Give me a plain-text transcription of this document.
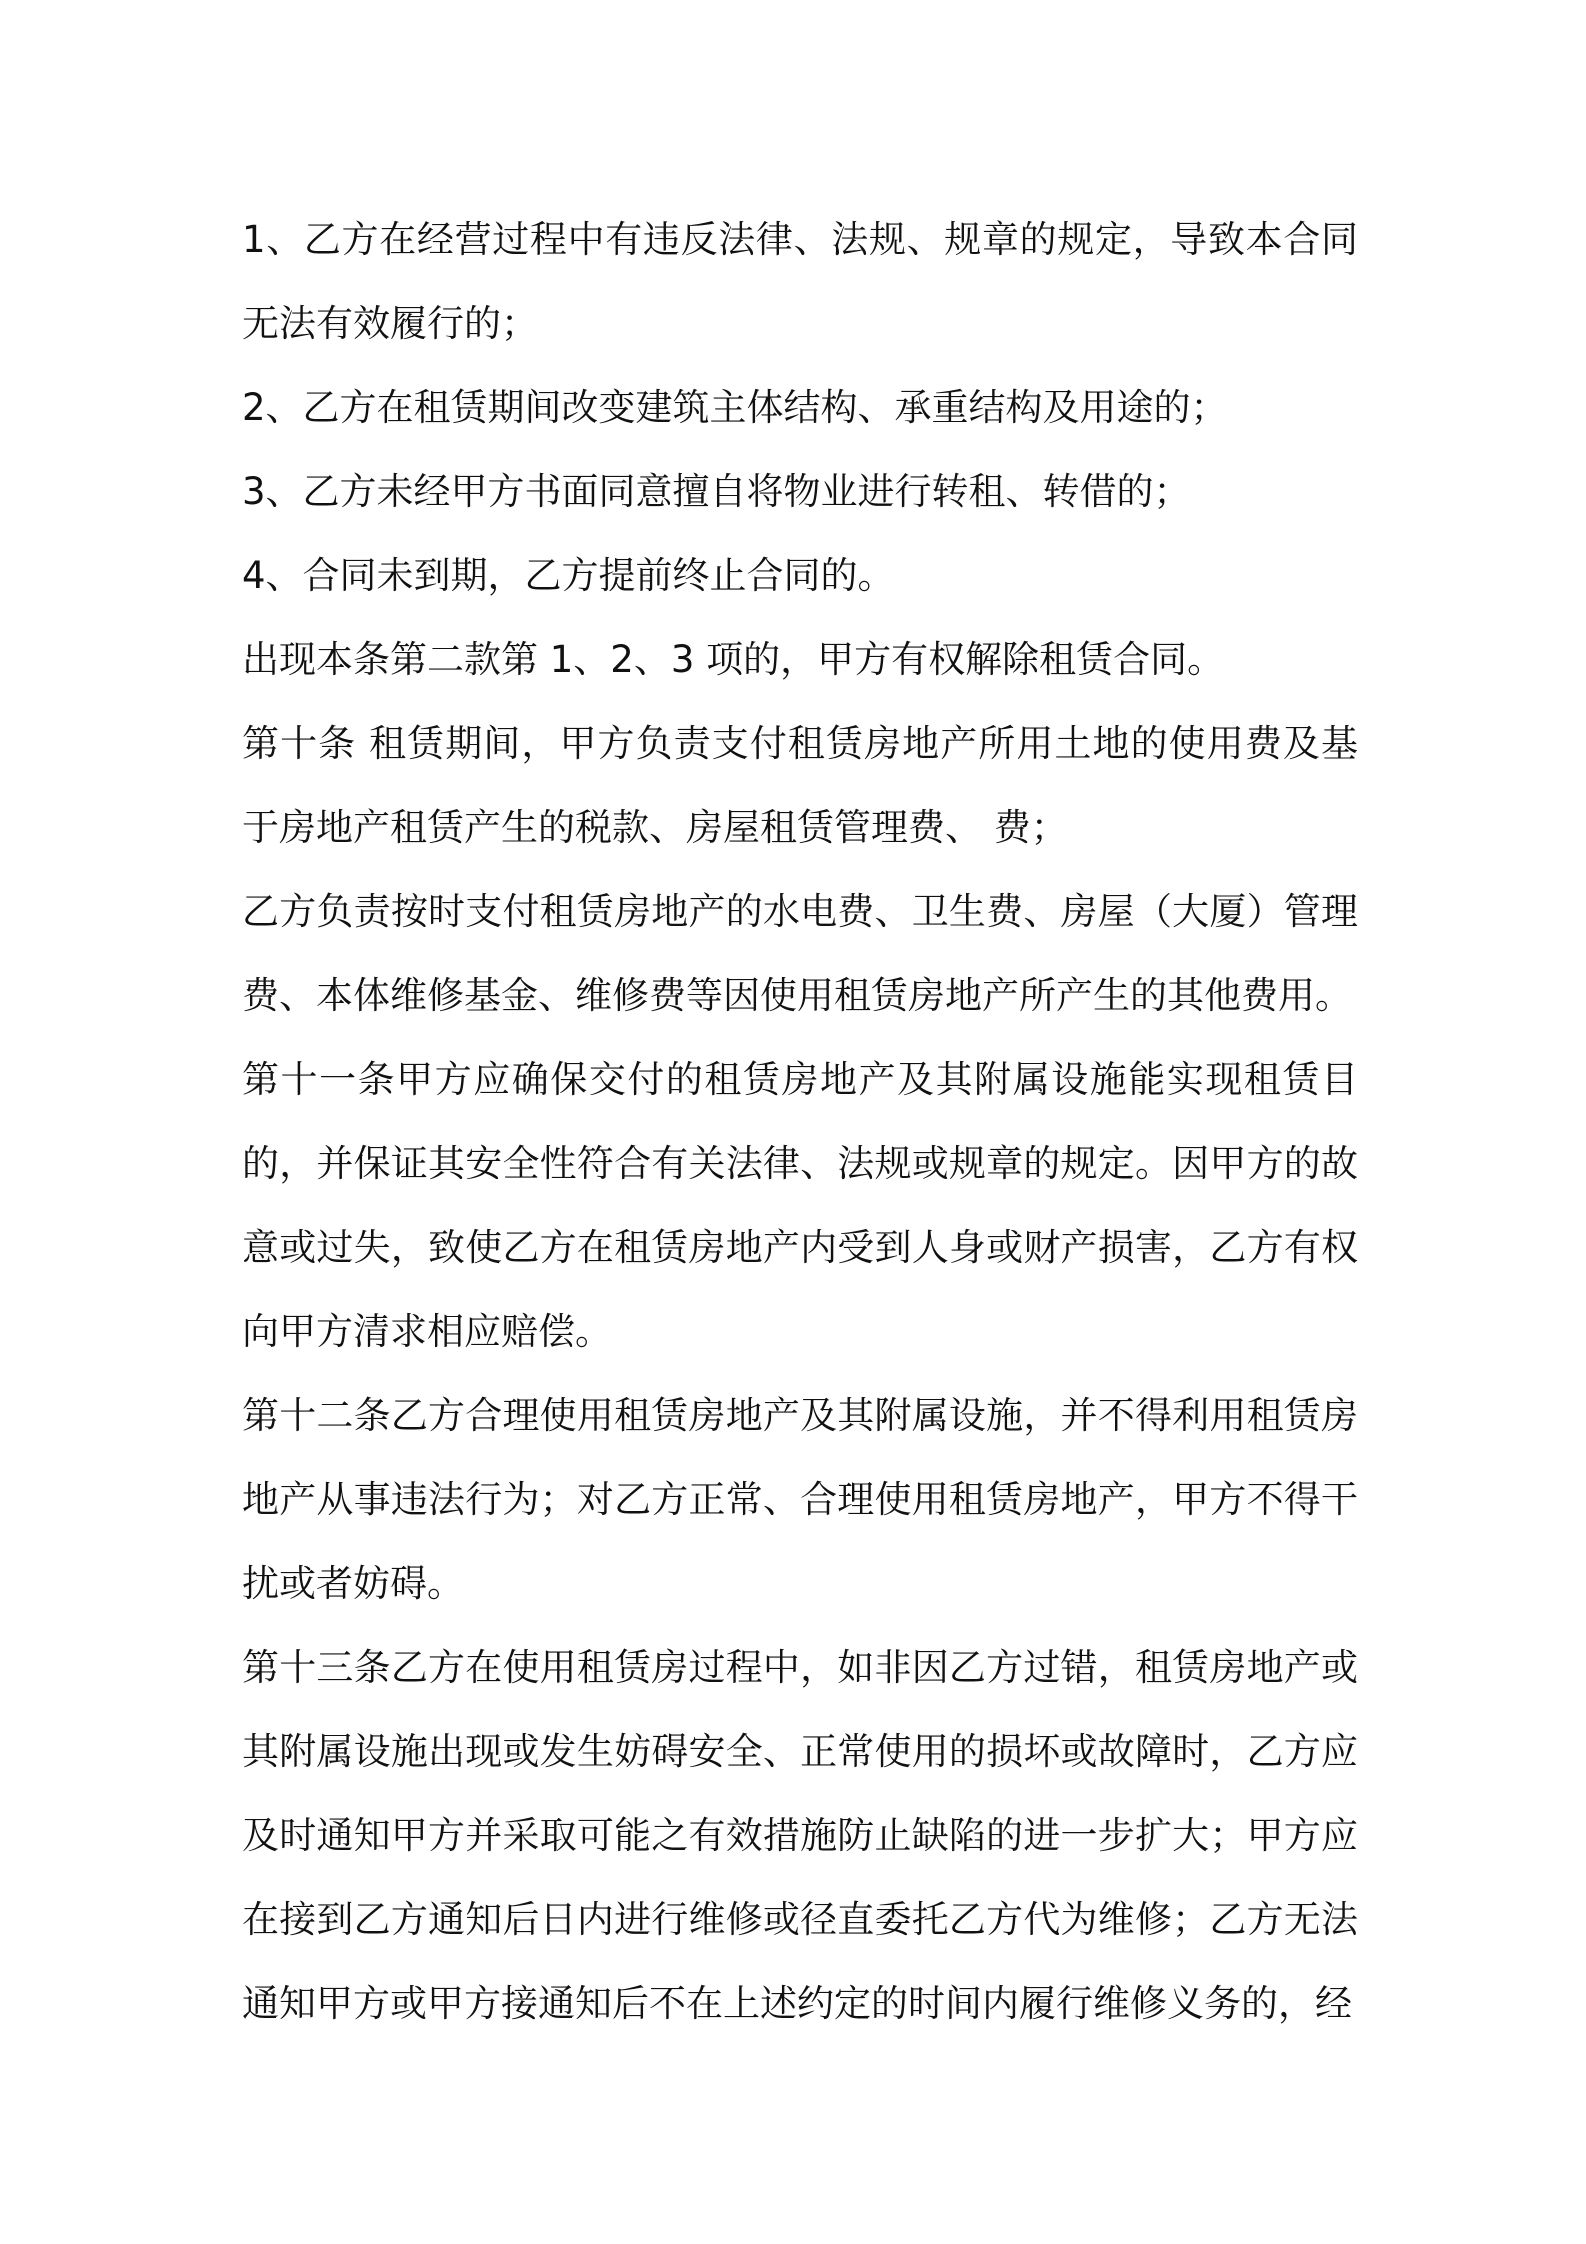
1、乙方在经营过程中有违反法律、法规、规章的规定，导致本合同无法有效履行的；

2、乙方在租赁期间改变建筑主体结构、承重结构及用途的；

3、乙方未经甲方书面同意擅自将物业进行转租、转借的；

4、合同未到期，乙方提前终止合同的。

出现本条第二款第 1、2、3 项的，甲方有权解除租赁合同。

第十条 租赁期间，甲方负责支付租赁房地产所用土地的使用费及基于房地产租赁产生的税款、房屋租赁管理费、 费；

乙方负责按时支付租赁房地产的水电费、卫生费、房屋（大厦）管理费、本体维修基金、维修费等因使用租赁房地产所产生的其他费用。

第十一条甲方应确保交付的租赁房地产及其附属设施能实现租赁目的，并保证其安全性符合有关法律、法规或规章的规定。因甲方的故意或过失，致使乙方在租赁房地产内受到人身或财产损害，乙方有权向甲方清求相应赔偿。

第十二条乙方合理使用租赁房地产及其附属设施，并不得利用租赁房地产从事违法行为；对乙方正常、合理使用租赁房地产，甲方不得干扰或者妨碍。

第十三条乙方在使用租赁房过程中，如非因乙方过错，租赁房地产或其附属设施出现或发生妨碍安全、正常使用的损坏或故障时，乙方应及时通知甲方并采取可能之有效措施防止缺陷的进一步扩大；甲方应在接到乙方通知后日内进行维修或径直委托乙方代为维修；乙方无法通知甲方或甲方接通知后不在上述约定的时间内履行维修义务的，经
